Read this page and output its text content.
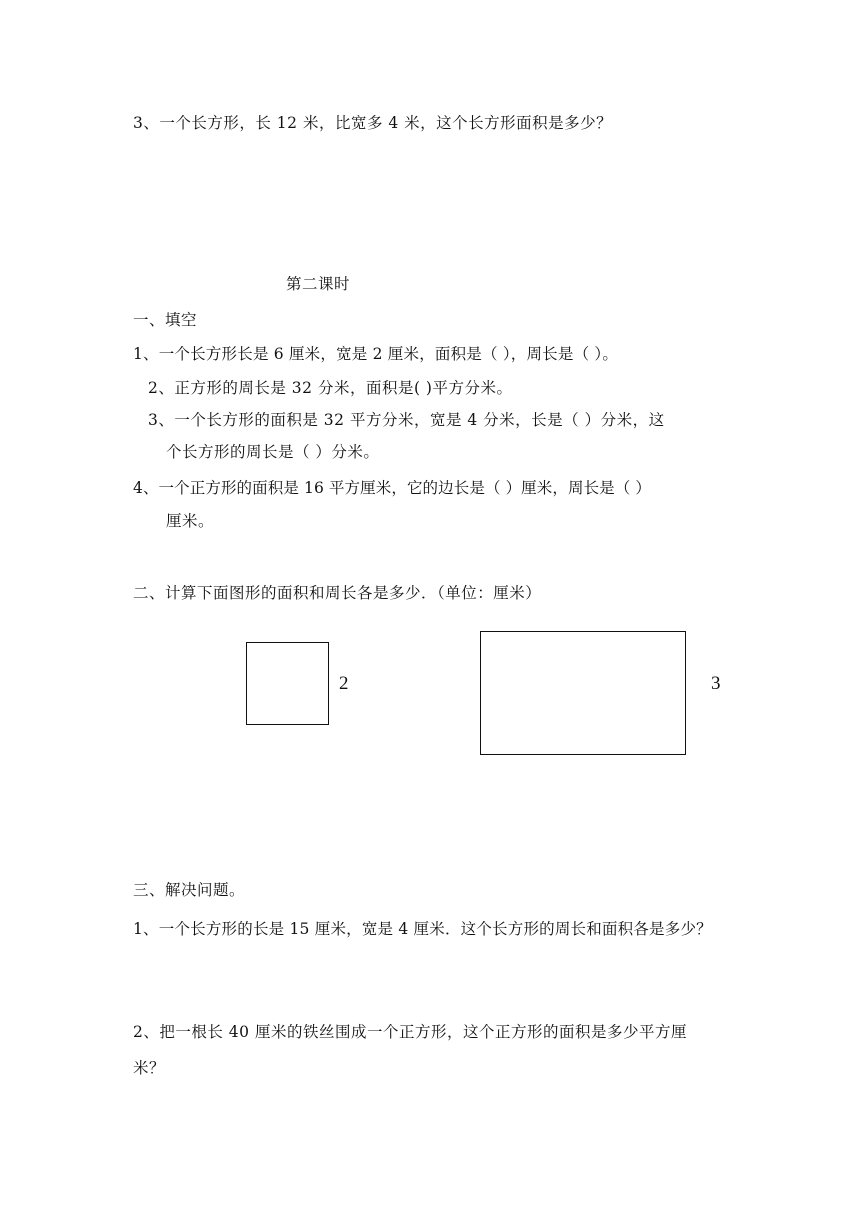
3、一个长方形，长 12 米，比宽多 4 米，这个长方形面积是多少？
第二课时
一、填空
1、一个长方形长是 6 厘米，宽是 2 厘米，面积是（ ），周长是（ ）。
2、正方形的周长是 32 分米，面积是( )平方分米。
3、一个长方形的面积是 32 平方分米，宽是 4 分米，长是（ ）分米，这
个长方形的周长是（ ）分米。
4、一个正方形的面积是 16 平方厘米，它的边长是（ ）厘米，周长是（ ）
厘米。
二、计算下面图形的面积和周长各是多少．（单位：厘米）
2	3
三、解决问题。
1、一个长方形的长是 15 厘米，宽是 4 厘米．这个长方形的周长和面积各是多少？
2、把一根长 40 厘米的铁丝围成一个正方形，这个正方形的面积是多少平方厘
米？
